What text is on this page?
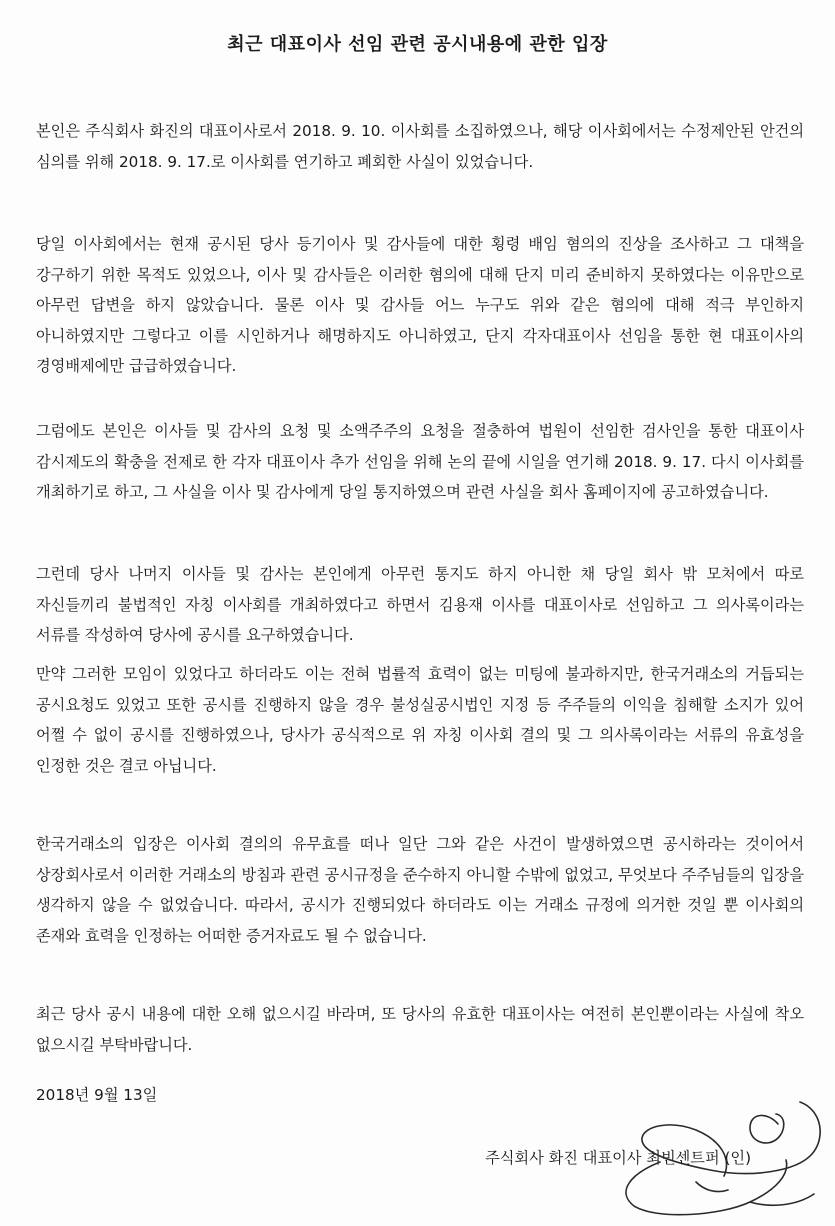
최근 대표이사 선임 관련 공시내용에 관한 입장
본인은 주식회사 화진의 대표이사로서 2018. 9. 10. 이사회를 소집하였으나, 해당 이사회에서는 수정제안된 안건의 심의를 위해 2018. 9. 17.로 이사회를 연기하고 폐회한 사실이 있었습니다.
당일 이사회에서는 현재 공시된 당사 등기이사 및 감사들에 대한 횡령 배임 혐의의 진상을 조사하고 그 대책을 강구하기 위한 목적도 있었으나, 이사 및 감사들은 이러한 혐의에 대해 단지 미리 준비하지 못하였다는 이유만으로 아무런 답변을 하지 않았습니다. 물론 이사 및 감사들 어느 누구도 위와 같은 혐의에 대해 적극 부인하지 아니하였지만 그렇다고 이를 시인하거나 해명하지도 아니하였고, 단지 각자대표이사 선임을 통한 현 대표이사의 경영배제에만 급급하였습니다.
그럼에도 본인은 이사들 및 감사의 요청 및 소액주주의 요청을 절충하여 법원이 선임한 검사인을 통한 대표이사 감시제도의 확충을 전제로 한 각자 대표이사 추가 선임을 위해 논의 끝에 시일을 연기해 2018. 9. 17. 다시 이사회를 개최하기로 하고, 그 사실을 이사 및 감사에게 당일 통지하였으며 관련 사실을 회사 홈페이지에 공고하였습니다.
그런데 당사 나머지 이사들 및 감사는 본인에게 아무런 통지도 하지 아니한 채 당일 회사 밖 모처에서 따로 자신들끼리 불법적인 자칭 이사회를 개최하였다고 하면서 김용재 이사를 대표이사로 선임하고 그 의사록이라는 서류를 작성하여 당사에 공시를 요구하였습니다.
만약 그러한 모임이 있었다고 하더라도 이는 전혀 법률적 효력이 없는 미팅에 불과하지만, 한국거래소의 거듭되는 공시요청도 있었고 또한 공시를 진행하지 않을 경우 불성실공시법인 지정 등 주주들의 이익을 침해할 소지가 있어 어쩔 수 없이 공시를 진행하였으나, 당사가 공식적으로 위 자칭 이사회 결의 및 그 의사록이라는 서류의 유효성을 인정한 것은 결코 아닙니다.
한국거래소의 입장은 이사회 결의의 유무효를 떠나 일단 그와 같은 사건이 발생하였으면 공시하라는 것이어서 상장회사로서 이러한 거래소의 방침과 관련 공시규정을 준수하지 아니할 수밖에 없었고, 무엇보다 주주님들의 입장을 생각하지 않을 수 없었습니다. 따라서, 공시가 진행되었다 하더라도 이는 거래소 규정에 의거한 것일 뿐 이사회의 존재와 효력을 인정하는 어떠한 증거자료도 될 수 없습니다.
최근 당사 공시 내용에 대한 오해 없으시길 바라며, 또 당사의 유효한 대표이사는 여전히 본인뿐이라는 사실에 착오 없으시길 부탁바랍니다.
2018년 9월 13일
주식회사 화진 대표이사 최빈센트퍼 (인)
